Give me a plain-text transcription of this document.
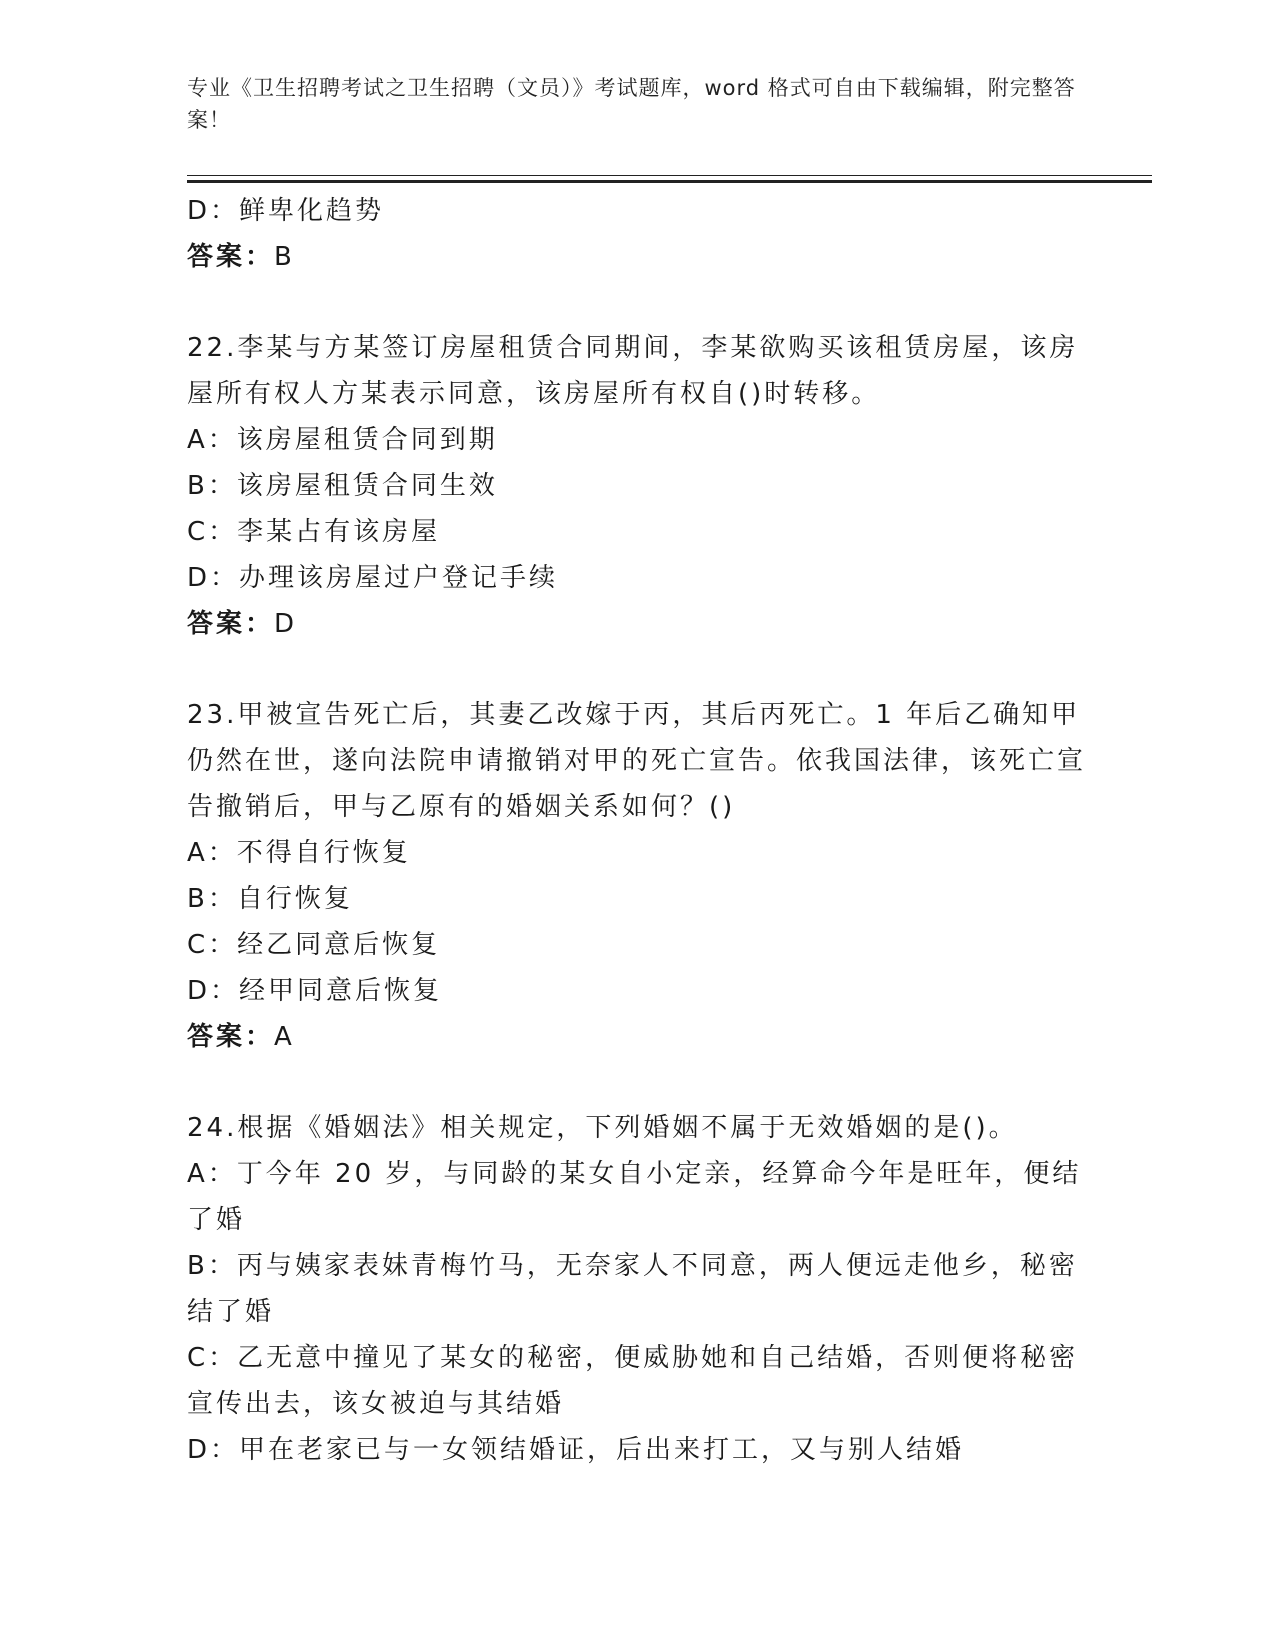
专业《卫生招聘考试之卫生招聘（文员）》考试题库，word 格式可自由下载编辑，附完整答案！
D：鲜卑化趋势
答案：B
22.李某与方某签订房屋租赁合同期间，李某欲购买该租赁房屋，该房屋所有权人方某表示同意，该房屋所有权自()时转移。
A：该房屋租赁合同到期
B：该房屋租赁合同生效
C：李某占有该房屋
D：办理该房屋过户登记手续
答案：D
23.甲被宣告死亡后，其妻乙改嫁于丙，其后丙死亡。1 年后乙确知甲仍然在世，遂向法院申请撤销对甲的死亡宣告。依我国法律，该死亡宣告撤销后，甲与乙原有的婚姻关系如何？()
A：不得自行恢复
B：自行恢复
C：经乙同意后恢复
D：经甲同意后恢复
答案：A
24.根据《婚姻法》相关规定，下列婚姻不属于无效婚姻的是()。
A：丁今年 20 岁，与同龄的某女自小定亲，经算命今年是旺年，便结了婚
B：丙与姨家表妹青梅竹马，无奈家人不同意，两人便远走他乡，秘密结了婚
C：乙无意中撞见了某女的秘密，便威胁她和自己结婚，否则便将秘密宣传出去，该女被迫与其结婚
D：甲在老家已与一女领结婚证，后出来打工，又与别人结婚
